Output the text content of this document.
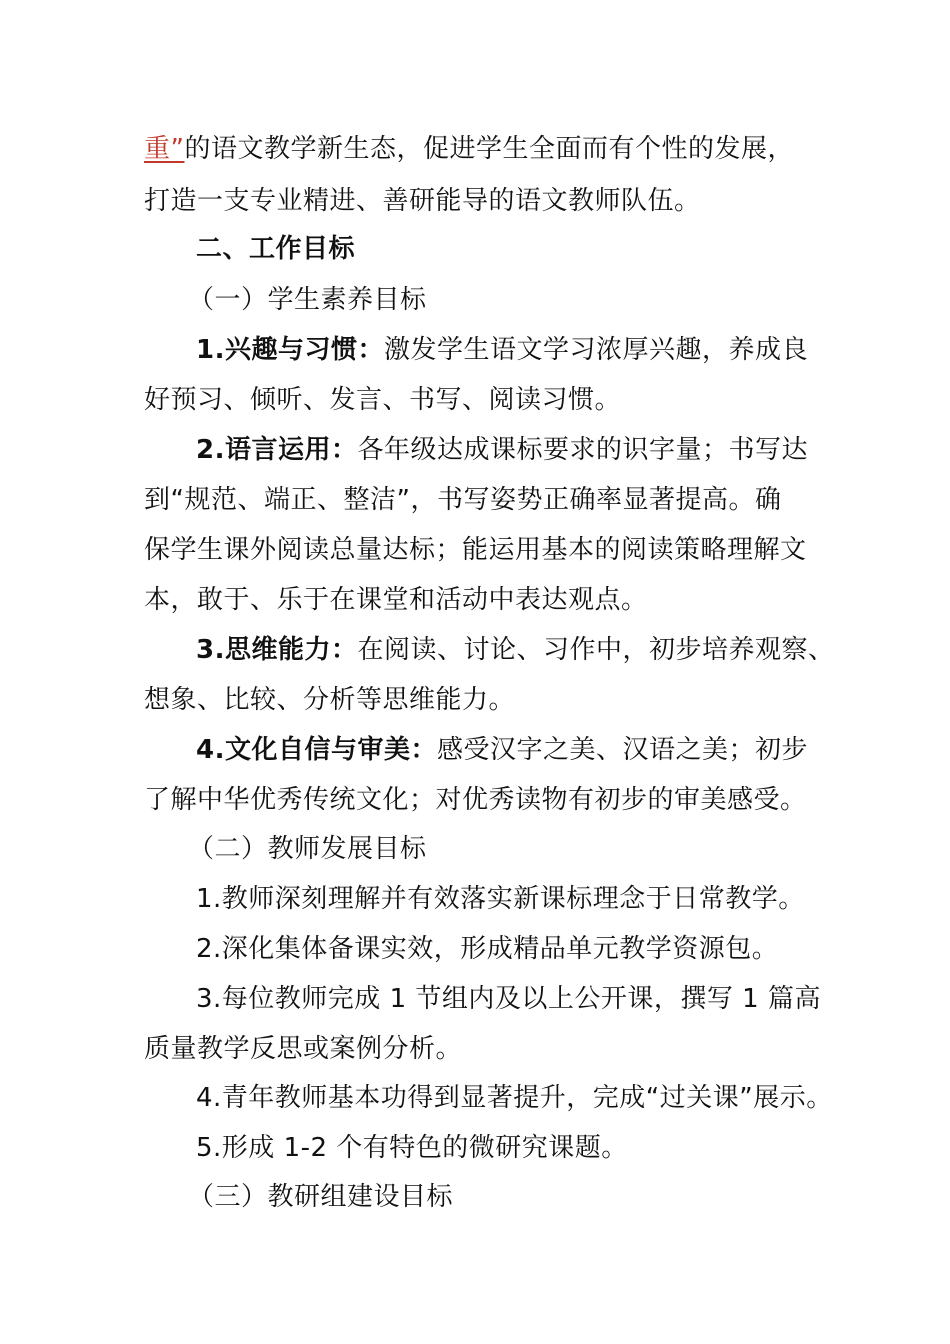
重”的语文教学新生态，促进学生全面而有个性的发展，
打造一支专业精进、善研能导的语文教师队伍。
二、工作目标
（一）学生素养目标
1.兴趣与习惯：激发学生语文学习浓厚兴趣，养成良
好预习、倾听、发言、书写、阅读习惯。
2.语言运用：各年级达成课标要求的识字量；书写达
到“规范、端正、整洁”，书写姿势正确率显著提高。确
保学生课外阅读总量达标；能运用基本的阅读策略理解文
本，敢于、乐于在课堂和活动中表达观点。
3.思维能力：在阅读、讨论、习作中，初步培养观察、
想象、比较、分析等思维能力。
4.文化自信与审美：感受汉字之美、汉语之美；初步
了解中华优秀传统文化；对优秀读物有初步的审美感受。
（二）教师发展目标
1.教师深刻理解并有效落实新课标理念于日常教学。
2.深化集体备课实效，形成精品单元教学资源包。
3.每位教师完成 1 节组内及以上公开课，撰写 1 篇高
质量教学反思或案例分析。
4.青年教师基本功得到显著提升，完成“过关课”展示。
5.形成 1-2 个有特色的微研究课题。
（三）教研组建设目标
